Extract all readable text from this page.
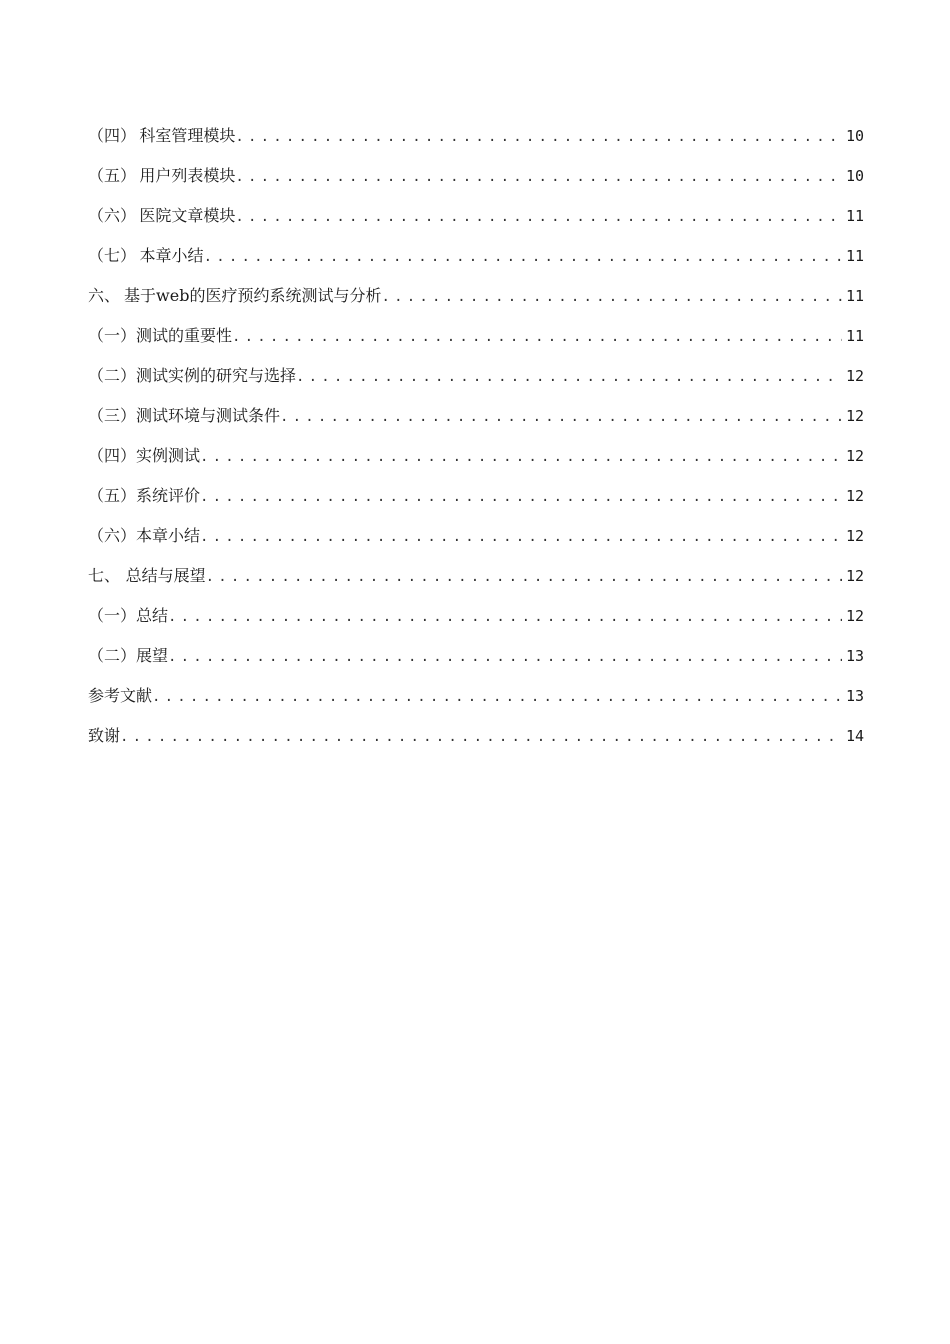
（四） 科室管理模块 .....	10
（五） 用户列表模块 .....	10
（六） 医院文章模块 .....	11
（七） 本章小结 .....	11
六、 基于web的医疗预约系统测试与分析 .....	11
（一） 测试的重要性 .....	11
（二） 测试实例的研究与选择 .....	12
（三） 测试环境与测试条件 .....	12
（四） 实例测试 .....	12
（五） 系统评价 .....	12
（六） 本章小结 .....	12
七、 总结与展望 .....	12
（一） 总结 .....	12
（二） 展望 .....	13
参考文献 .....	13
致谢 .....	14
